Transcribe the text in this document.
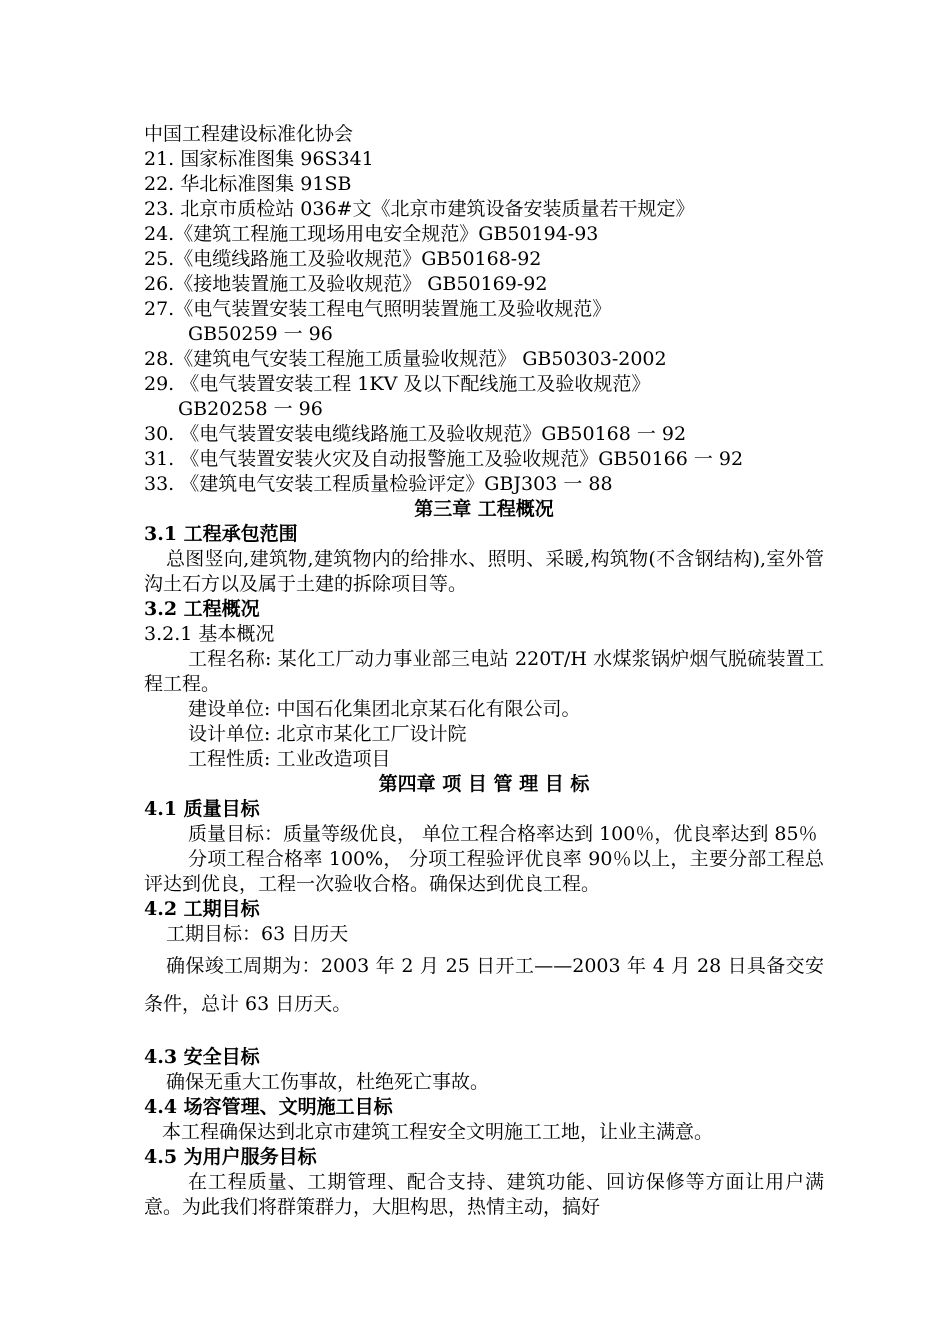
中国工程建设标准化协会
21. 国家标准图集 96S341
22. 华北标准图集 91SB
23. 北京市质检站 036#文《北京市建筑设备安装质量若干规定》
24.《建筑工程施工现场用电安全规范》GB50194-93
25.《电缆线路施工及验收规范》GB50168-92
26.《接地装置施工及验收规范》 GB50169-92
27.《电气装置安装工程电气照明装置施工及验收规范》
GB50259 一 96
28.《建筑电气安装工程施工质量验收规范》 GB50303-2002
29. 《电气装置安装工程 1KV 及以下配线施工及验收规范》
GB20258 一 96
30. 《电气装置安装电缆线路施工及验收规范》GB50168 一 92
31. 《电气装置安装火灾及自动报警施工及验收规范》GB50166 一 92
33. 《建筑电气安装工程质量检验评定》GBJ303 一 88
第三章 工程概况
3.1 工程承包范围
总图竖向,建筑物,建筑物内的给排水、照明、采暖,构筑物(不含钢结构),室外管沟土石方以及属于土建的拆除项目等。
3.2 工程概况
3.2.1 基本概况
工程名称: 某化工厂动力事业部三电站 220T/H 水煤浆锅炉烟气脱硫装置工程工程。
建设单位: 中国石化集团北京某石化有限公司。
设计单位: 北京市某化工厂设计院
工程性质: 工业改造项目
第四章 项 目 管 理 目 标
4.1 质量目标
质量目标：质量等级优良， 单位工程合格率达到 100％，优良率达到 85％
分项工程合格率 100%， 分项工程验评优良率 90％以上，主要分部工程总评达到优良，工程一次验收合格。确保达到优良工程。
4.2 工期目标
工期目标：63 日历天
确保竣工周期为：2003 年 2 月 25 日开工——2003 年 4 月 28 日具备交安条件，总计 63 日历天。
4.3 安全目标
确保无重大工伤事故，杜绝死亡事故。
4.4 场容管理、文明施工目标
本工程确保达到北京市建筑工程安全文明施工工地，让业主满意。
4.5 为用户服务目标
在工程质量、工期管理、配合支持、建筑功能、回访保修等方面让用户满意。为此我们将群策群力，大胆构思，热情主动，搞好
